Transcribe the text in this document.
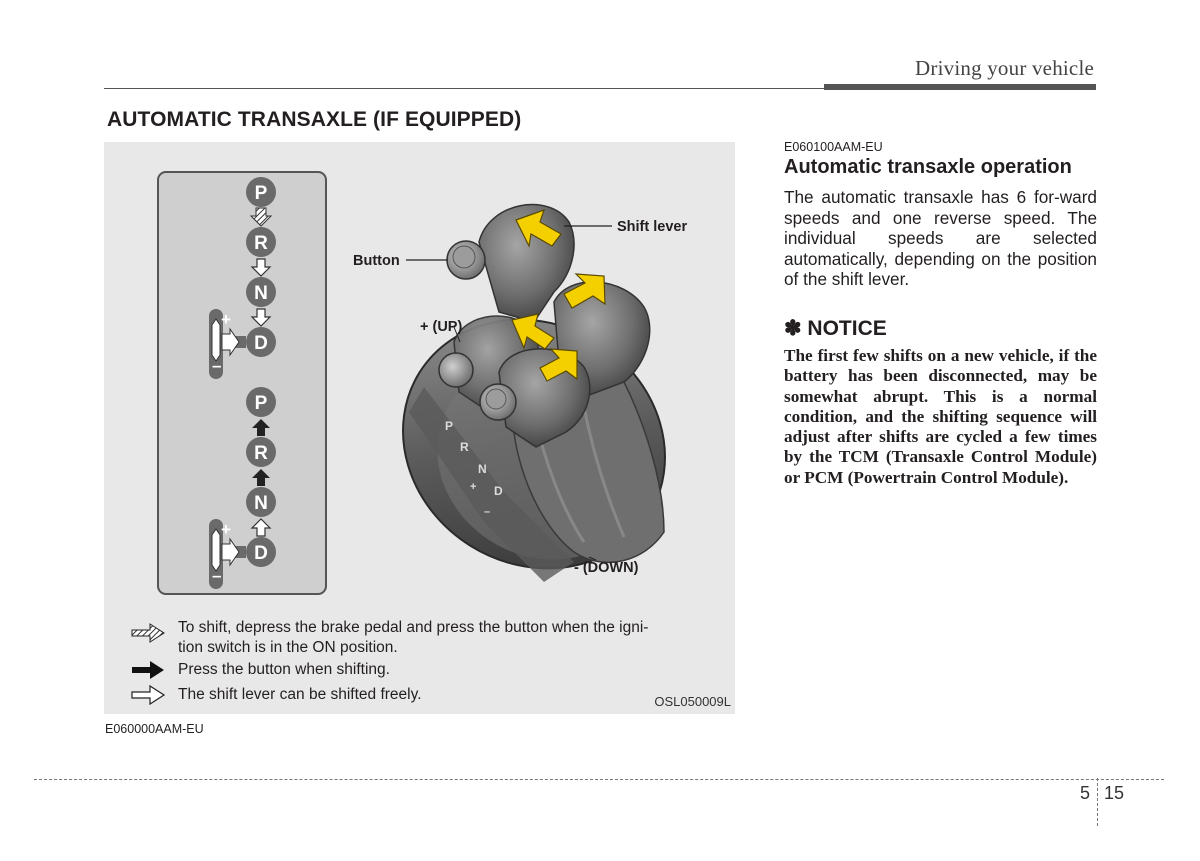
Driving your vehicle
AUTOMATIC TRANSAXLE (IF EQUIPPED)
P
R
N
D
+
–
P
R
N
D
+
–
P
R
N
D
+
–
Shift lever
Button
+ (UP)
- (DOWN)
To shift, depress the brake pedal and press the button when the igni-
tion switch is in the ON position.
Press the button when shifting.
The shift lever can be shifted freely.	OSL050009L
E060000AAM-EU
E060100AAM-EU
Automatic transaxle operation
The automatic transaxle has 6 for-ward speeds and one reverse speed. The individual speeds are selected automatically, depending on the position of the shift lever.
✽ NOTICE
The first few shifts on a new vehicle, if the battery has been disconnected, may be somewhat abrupt. This is a normal condition, and the shifting sequence will adjust after shifts are cycled a few times by the TCM (Transaxle Control Module) or PCM (Powertrain Control Module).
5 15
